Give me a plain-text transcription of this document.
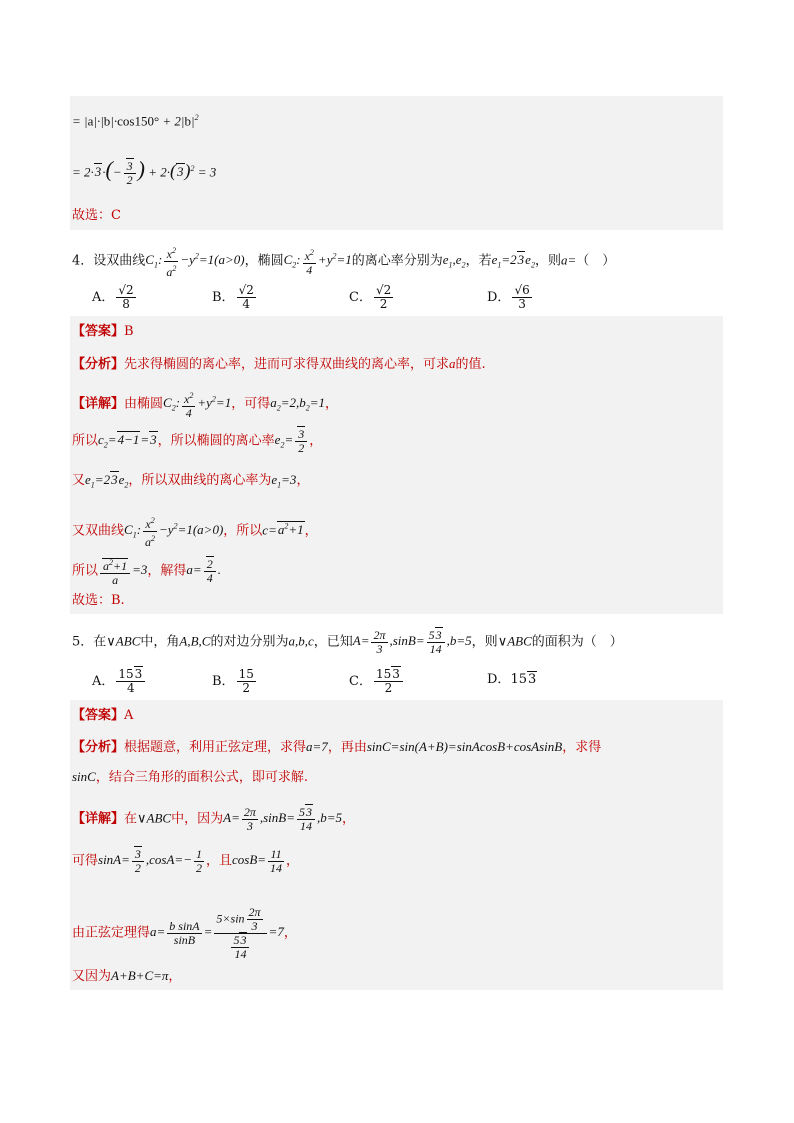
= $|a|\cdot|b|\cdot\cos 150^\circ + 2|b|^2$
= $2\cdot 3\cdot(- \frac{3}{2}$ ) + $2\cdot(3)^2 = 3$
故选：C
4．设双曲线$C_1$: $\frac{x^2}{a^2} -y^2=1(a>0)$，椭圆$C_2$: $\frac{x^2}{4} +y^2=1$的离心率分别为$e_1,e_2$，若$e_1=23e_2$，则a=（　）
A． $\frac{√2}{8}$	B． $\frac{√2}{4}$	C． $\frac{√2}{2}$	D． $\frac{√6}{3}$
【答案】B
【分析】先求得椭圆的离心率，进而可求得双曲线的离心率，可求a的值.
【详解】由椭圆$C_2$: $\frac{x^2}{4} +y^2=1$，可得$a_2=2,b_2=1$，
所以$c_2=4-1=3$，所以椭圆的离心率$e_2= \frac{3}{2}$ ，
又$e_1=23e_2$，所以双曲线的离心率为$e_1=3$，
又双曲线$C_1$: $\frac{x^2}{a^2} -y^2=1(a>0)$，所以$c=a^2+1$，
所以 $\frac{a^2+1}{a} =3$，解得$a= \frac{2}{4}$ .
故选：B.
5．在∨ABC中，角A,B,C的对边分别为a,b,c，已知$A= \frac{2\pi}{3} ,\sin B= \frac{53}{14} ,b=5$，则∨ABC的面积为（　）
A． $\frac{153}{4}$	B． $\frac{15}{2}$	C． $\frac{153}{2}$	D．153
【答案】A
【分析】根据题意，利用正弦定理，求得a=7，再由sinC=sin(A+B)=sinAcosB+cosAsinB，求得
sinC，结合三角形的面积公式，即可求解.
【详解】在∨ABC中，因为$A= \frac{2\pi}{3} ,\sin B= \frac{53}{14} ,b=5$，
可得$\sin A= \frac{3}{2} ,\cos A=- \frac{1}{2}$ ，且$\cos B= \frac{11}{14}$ ，
由正弦定理得$a= \frac{\text{b sinA}}{\sin B} = \frac{5\times\sin \frac{2\pi}{3}}{\frac{53}{14}} =7$，
又因为A+B+C=π，
